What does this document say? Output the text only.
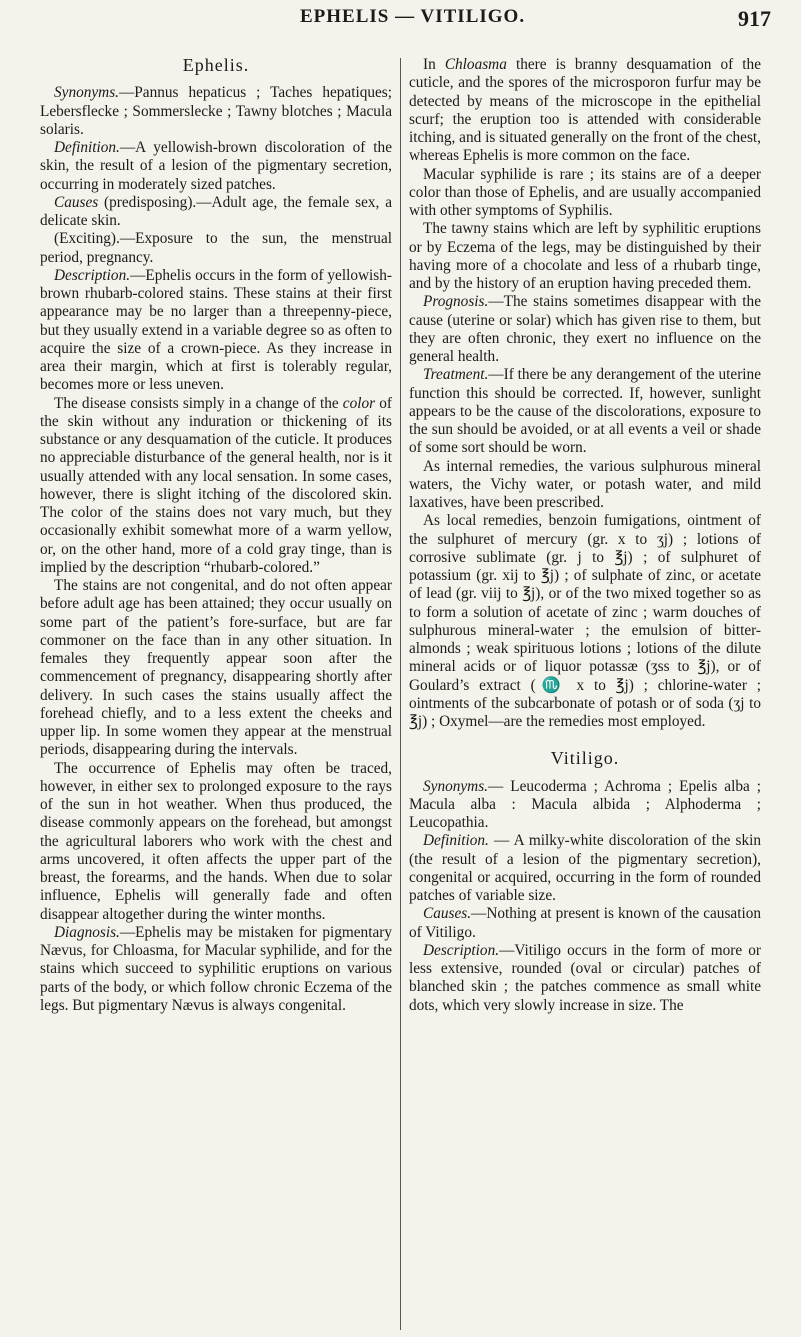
EPHELIS — VITILIGO.	917
Ephelis.

Synonyms.—Pannus hepaticus ; Taches hepatiques; Lebersflecke ; Sommerslecke ; Tawny blotches ; Macula solaris.

Definition.—A yellowish-brown discoloration of the skin, the result of a lesion of the pigmentary secretion, occurring in moderately sized patches.

Causes (predisposing).—Adult age, the female sex, a delicate skin.

(Exciting).—Exposure to the sun, the menstrual period, pregnancy.

Description.—Ephelis occurs in the form of yellowish-brown rhubarb-colored stains. These stains at their first appearance may be no larger than a threepenny-piece, but they usually extend in a variable degree so as often to acquire the size of a crown-piece. As they increase in area their margin, which at first is tolerably regular, becomes more or less uneven.

The disease consists simply in a change of the color of the skin without any induration or thickening of its substance or any desquamation of the cuticle. It produces no appreciable disturbance of the general health, nor is it usually attended with any local sensation. In some cases, however, there is slight itching of the discolored skin. The color of the stains does not vary much, but they occasionally exhibit somewhat more of a warm yellow, or, on the other hand, more of a cold gray tinge, than is implied by the description “rhubarb-colored.”

The stains are not congenital, and do not often appear before adult age has been attained; they occur usually on some part of the patient’s fore-surface, but are far commoner on the face than in any other situation. In females they frequently appear soon after the commencement of pregnancy, disappearing shortly after delivery. In such cases the stains usually affect the forehead chiefly, and to a less extent the cheeks and upper lip. In some women they appear at the menstrual periods, disappearing during the intervals.

The occurrence of Ephelis may often be traced, however, in either sex to prolonged exposure to the rays of the sun in hot weather. When thus produced, the disease commonly appears on the forehead, but amongst the agricultural laborers who work with the chest and arms uncovered, it often affects the upper part of the breast, the forearms, and the hands. When due to solar influence, Ephelis will generally fade and often disappear altogether during the winter months.

Diagnosis.—Ephelis may be mistaken for pigmentary Nævus, for Chloasma, for Macular syphilide, and for the stains which succeed to syphilitic eruptions on various parts of the body, or which follow chronic Eczema of the legs. But pigmentary Nævus is always congenital.

In Chloasma there is branny desquamation of the cuticle, and the spores of the microsporon furfur may be detected by means of the microscope in the epithelial scurf; the eruption too is attended with considerable itching, and is situated generally on the front of the chest, whereas Ephelis is more common on the face.

Macular syphilide is rare ; its stains are of a deeper color than those of Ephelis, and are usually accompanied with other symptoms of Syphilis.

The tawny stains which are left by syphilitic eruptions or by Eczema of the legs, may be distinguished by their having more of a chocolate and less of a rhubarb tinge, and by the history of an eruption having preceded them.

Prognosis.—The stains sometimes disappear with the cause (uterine or solar) which has given rise to them, but they are often chronic, they exert no influence on the general health.

Treatment.—If there be any derangement of the uterine function this should be corrected. If, however, sunlight appears to be the cause of the discolorations, exposure to the sun should be avoided, or at all events a veil or shade of some sort should be worn.

As internal remedies, the various sulphurous mineral waters, the Vichy water, or potash water, and mild laxatives, have been prescribed.

As local remedies, benzoin fumigations, ointment of the sulphuret of mercury (gr. x to ʒj) ; lotions of corrosive sublimate (gr. j to ℥j) ; of sulphuret of potassium (gr. xij to ℥j) ; of sulphate of zinc, or acetate of lead (gr. viij to ℥j), or of the two mixed together so as to form a solution of acetate of zinc ; warm douches of sulphurous mineral-water ; the emulsion of bitter-almonds ; weak spirituous lotions ; lotions of the dilute mineral acids or of liquor potassæ (ʒss to ℥j), or of Goulard’s extract (♏ x to ℥j) ; chlorine-water ; ointments of the subcarbonate of potash or of soda (ʒj to ℥j) ; Oxymel—are the remedies most employed.

Vitiligo.

Synonyms.— Leucoderma ; Achroma ; Epelis alba ; Macula alba : Macula albida ; Alphoderma ; Leucopathia.

Definition. — A milky-white discoloration of the skin (the result of a lesion of the pigmentary secretion), congenital or acquired, occurring in the form of rounded patches of variable size.

Causes.—Nothing at present is known of the causation of Vitiligo.

Description.—Vitiligo occurs in the form of more or less extensive, rounded (oval or circular) patches of blanched skin ; the patches commence as small white dots, which very slowly increase in size. The
